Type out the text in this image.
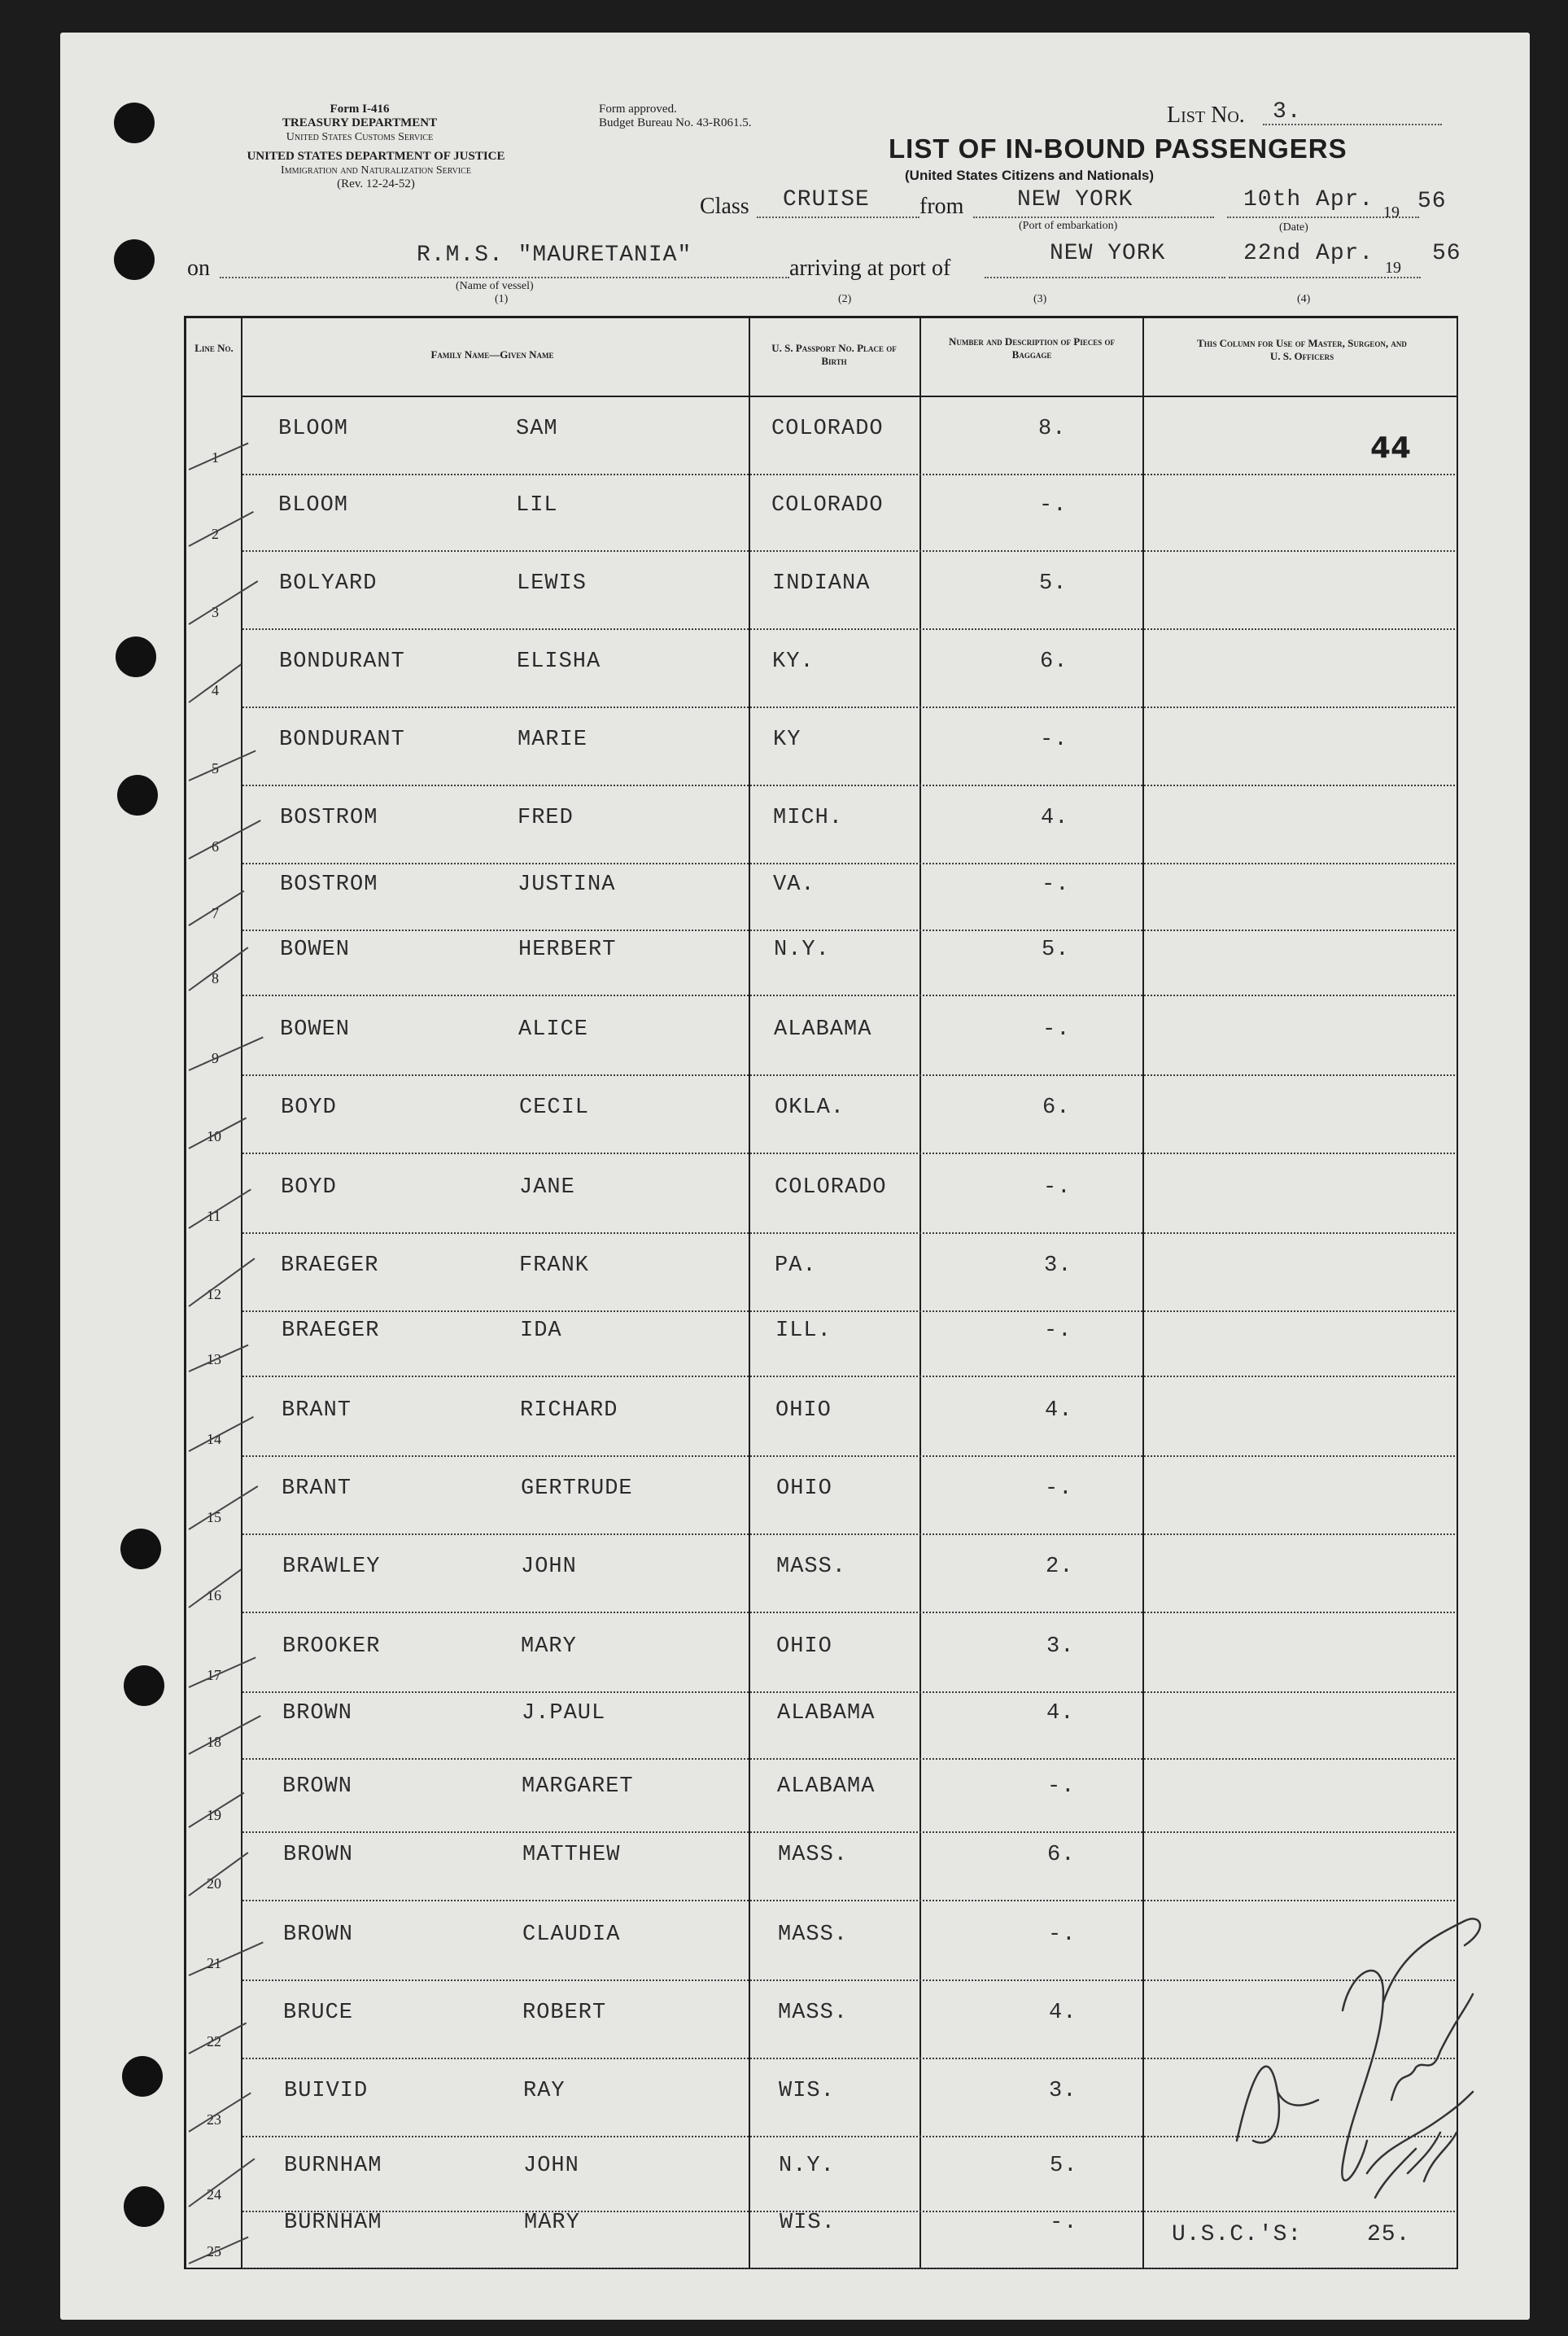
Form I-416
TREASURY DEPARTMENT
United States Customs Service
UNITED STATES DEPARTMENT OF JUSTICE
Immigration and Naturalization Service
(Rev. 12-24-52)
Form approved.
Budget Bureau No. 43-R061.5.	List No. 3.
LIST OF IN-BOUND PASSENGERS
(United States Citizens and Nationals)
Class CRUISE from NEW YORK
(Port of embarkation)
10th Apr. 19 56
(Date)
on
R.M.S. "MAURETANIA"
(Name of vessel)
(1)
arriving at port of
NEW YORK	22nd Apr.
19
56
(2)	(3)	(4)
Line No.
Family Name—Given Name
U. S. Passport No. Place of Birth
Number and Description of Pieces of Baggage
This Column for Use of Master, Surgeon, and U. S. Officers
1
BLOOM	SAM	COLORADO	8.
2
BLOOM	LIL	COLORADO	-.
3
BOLYARD	LEWIS	INDIANA	5.
4
BONDURANT	ELISHA	KY.	6.
5
BONDURANT	MARIE	KY	-.
6
BOSTROM	FRED	MICH.	4.
7
BOSTROM	JUSTINA	VA.	-.
8
BOWEN	HERBERT	N.Y.	5.
9
BOWEN	ALICE	ALABAMA	-.
10
BOYD	CECIL	OKLA.	6.
11
BOYD	JANE	COLORADO	-.
12
BRAEGER	FRANK	PA.	3.
13
BRAEGER	IDA	ILL.	-.
14
BRANT	RICHARD	OHIO	4.
15
BRANT	GERTRUDE	OHIO	-.
16
BRAWLEY	JOHN	MASS.	2.
17
BROOKER	MARY	OHIO	3.
18
BROWN	J.PAUL	ALABAMA	4.
19
BROWN	MARGARET	ALABAMA	-.
20
BROWN	MATTHEW	MASS.	6.
21
BROWN	CLAUDIA	MASS.	-.
22
BRUCE	ROBERT	MASS.	4.
23
BUIVID	RAY	WIS.	3.
24
BURNHAM	JOHN	N.Y.	5.
25
BURNHAM	MARY	WIS.	-.
44
U.S.C.'S:	25.
